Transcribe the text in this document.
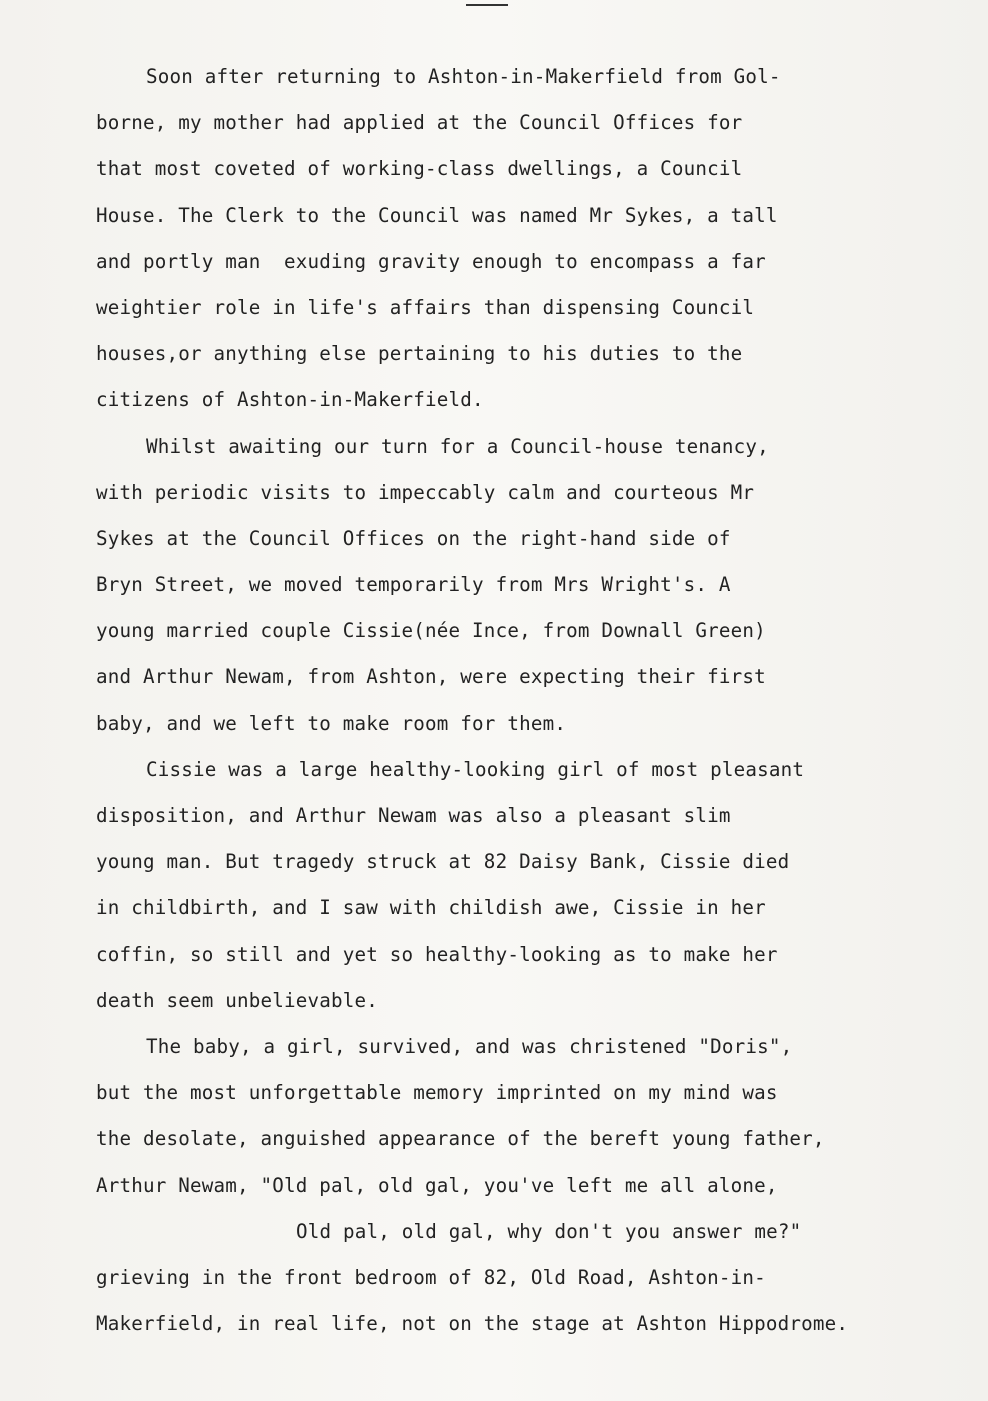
Soon after returning to Ashton-in-Makerfield from Gol-
borne, my mother had applied at the Council Offices for
that most coveted of working-class dwellings, a Council
House. The Clerk to the Council was named Mr Sykes, a tall
and portly man  exuding gravity enough to encompass a far
weightier role in life's affairs than dispensing Council
houses,or anything else pertaining to his duties to the
citizens of Ashton-in-Makerfield.
Whilst awaiting our turn for a Council-house tenancy,
with periodic visits to impeccably calm and courteous Mr
Sykes at the Council Offices on the right-hand side of
Bryn Street, we moved temporarily from Mrs Wright's. A
young married couple Cissie(née Ince, from Downall Green)
and Arthur Newam, from Ashton, were expecting their first
baby, and we left to make room for them.
Cissie was a large healthy-looking girl of most pleasant
disposition, and Arthur Newam was also a pleasant slim
young man. But tragedy struck at 82 Daisy Bank, Cissie died
in childbirth, and I saw with childish awe, Cissie in her
coffin, so still and yet so healthy-looking as to make her
death seem unbelievable.
The baby, a girl, survived, and was christened "Doris",
but the most unforgettable memory imprinted on my mind was
the desolate, anguished appearance of the bereft young father,
Arthur Newam, "Old pal, old gal, you've left me all alone,
Old pal, old gal, why don't you answer me?"
grieving in the front bedroom of 82, Old Road, Ashton-in-
Makerfield, in real life, not on the stage at Ashton Hippodrome.
